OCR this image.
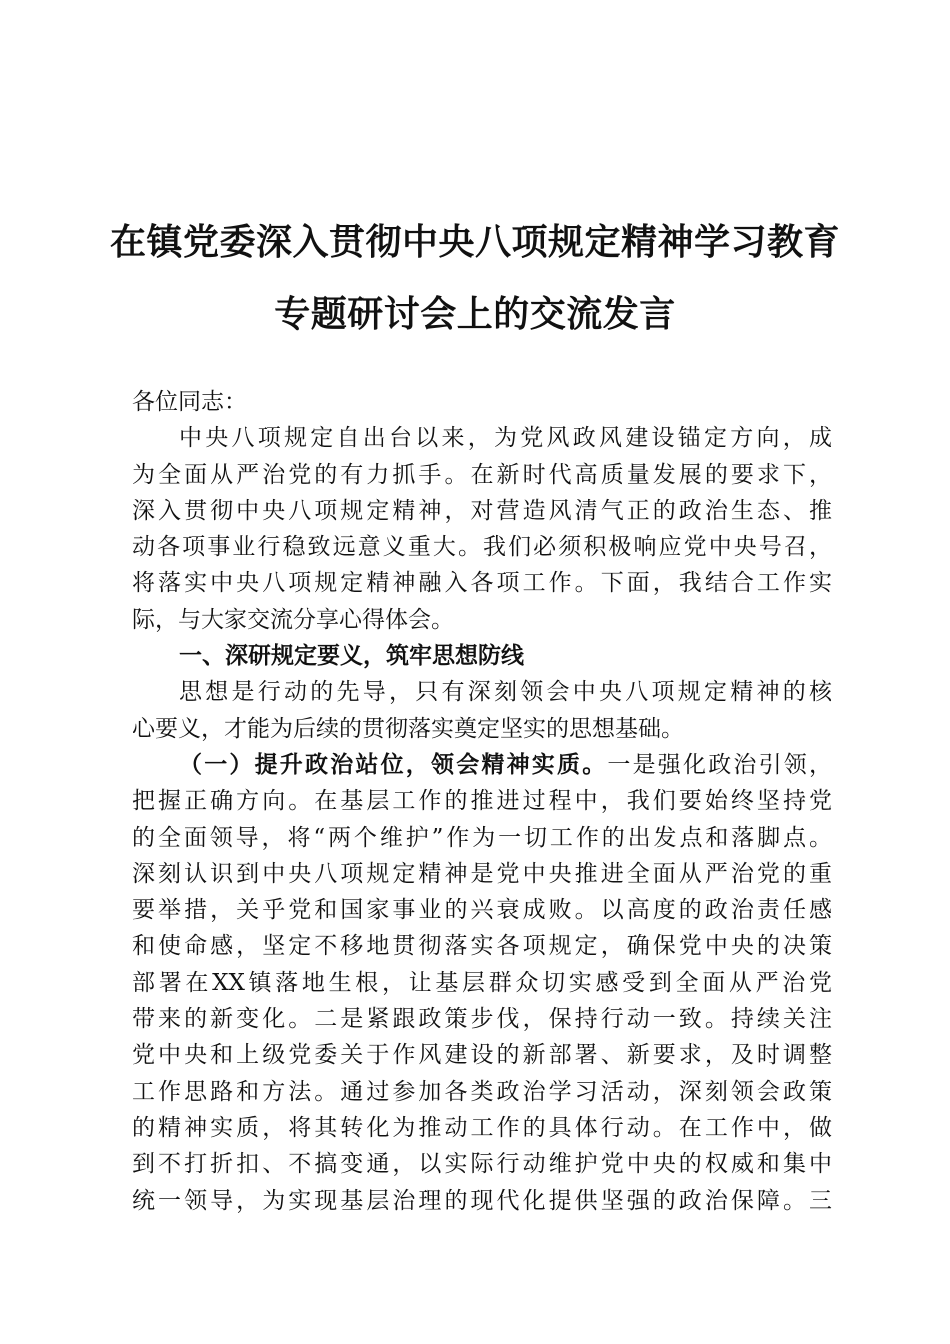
在镇党委深入贯彻中央八项规定精神学习教育
专题研讨会上的交流发言
各位同志：
中央八项规定自出台以来，为党风政风建设锚定方向，成
为全面从严治党的有力抓手。在新时代高质量发展的要求下，
深入贯彻中央八项规定精神，对营造风清气正的政治生态、推
动各项事业行稳致远意义重大。我们必须积极响应党中央号召，
将落实中央八项规定精神融入各项工作。下面，我结合工作实
际，与大家交流分享心得体会。
一、深研规定要义，筑牢思想防线
思想是行动的先导，只有深刻领会中央八项规定精神的核
心要义，才能为后续的贯彻落实奠定坚实的思想基础。
（一）提升政治站位，领会精神实质。一是强化政治引领，
把握正确方向。在基层工作的推进过程中，我们要始终坚持党
的全面领导，将“两个维护”作为一切工作的出发点和落脚点。
深刻认识到中央八项规定精神是党中央推进全面从严治党的重
要举措，关乎党和国家事业的兴衰成败。以高度的政治责任感
和使命感，坚定不移地贯彻落实各项规定，确保党中央的决策
部署在XX镇落地生根，让基层群众切实感受到全面从严治党
带来的新变化。二是紧跟政策步伐，保持行动一致。持续关注
党中央和上级党委关于作风建设的新部署、新要求，及时调整
工作思路和方法。通过参加各类政治学习活动，深刻领会政策
的精神实质，将其转化为推动工作的具体行动。在工作中，做
到不打折扣、不搞变通，以实际行动维护党中央的权威和集中
统一领导，为实现基层治理的现代化提供坚强的政治保障。三
